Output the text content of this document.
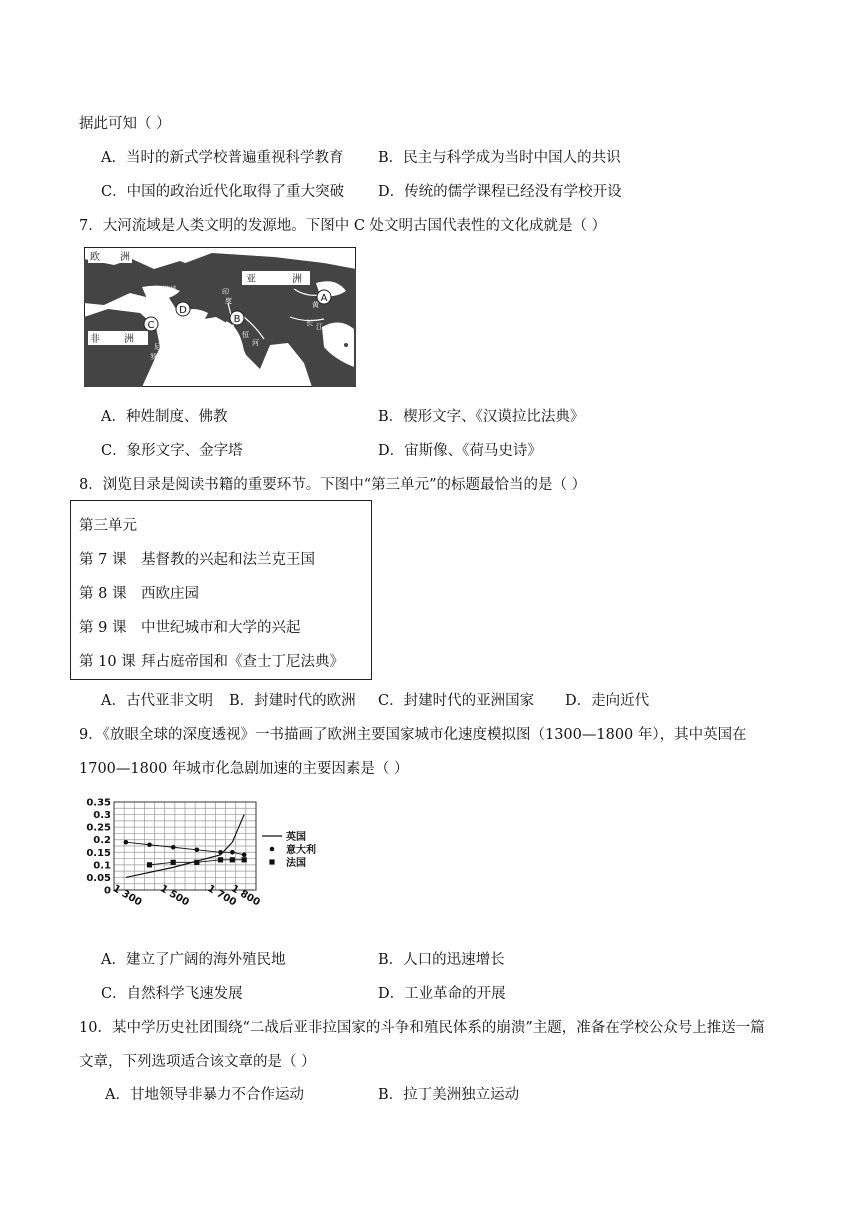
据此可知（ ）
A．当时的新式学校普遍重视科学教育 B．民主与科学成为当时中国人的共识
C．中国的政治近代化取得了重大突破 D．传统的儒学课程已经没有学校开设
7．大河流域是人类文明的发源地。下图中 C 处文明古国代表性的文化成就是（ ）
欧 洲
亚	洲
非 洲
西河流域
A
B
C
D
印
度
河 恒
河
黄
长 江
尼
罗
河
A．种姓制度、佛教	B．楔形文字、《汉谟拉比法典》
C．象形文字、金字塔	D．宙斯像、《荷马史诗》
8．浏览目录是阅读书籍的重要环节。下图中“第三单元”的标题最恰当的是（ ）
第三单元
第 7 课 基督教的兴起和法兰克王国
第 8 课 西欧庄园
第 9 课 中世纪城市和大学的兴起
第 10 课 拜占庭帝国和《查士丁尼法典》
A．古代亚非文明 B．封建时代的欧洲 C．封建时代的亚洲国家 D．走向近代
9．《放眼全球的深度透视》一书描画了欧洲主要国家城市化速度模拟图（1300—1800 年），其中英国在
1700—1800 年城市化急剧加速的主要因素是（ ）
0.35
0.3
0.25
0.2
0.15
0.1
0.05
0 1 300 1 500 1 700
1 800
英国
意大利
法国
A．建立了广阔的海外殖民地	B．人口的迅速增长
C．自然科学飞速发展	D．工业革命的开展
10．某中学历史社团围绕“二战后亚非拉国家的斗争和殖民体系的崩溃”主题，准备在学校公众号上推送一篇
文章，下列选项适合该文章的是（ ）
A．甘地领导非暴力不合作运动	B．拉丁美洲独立运动
